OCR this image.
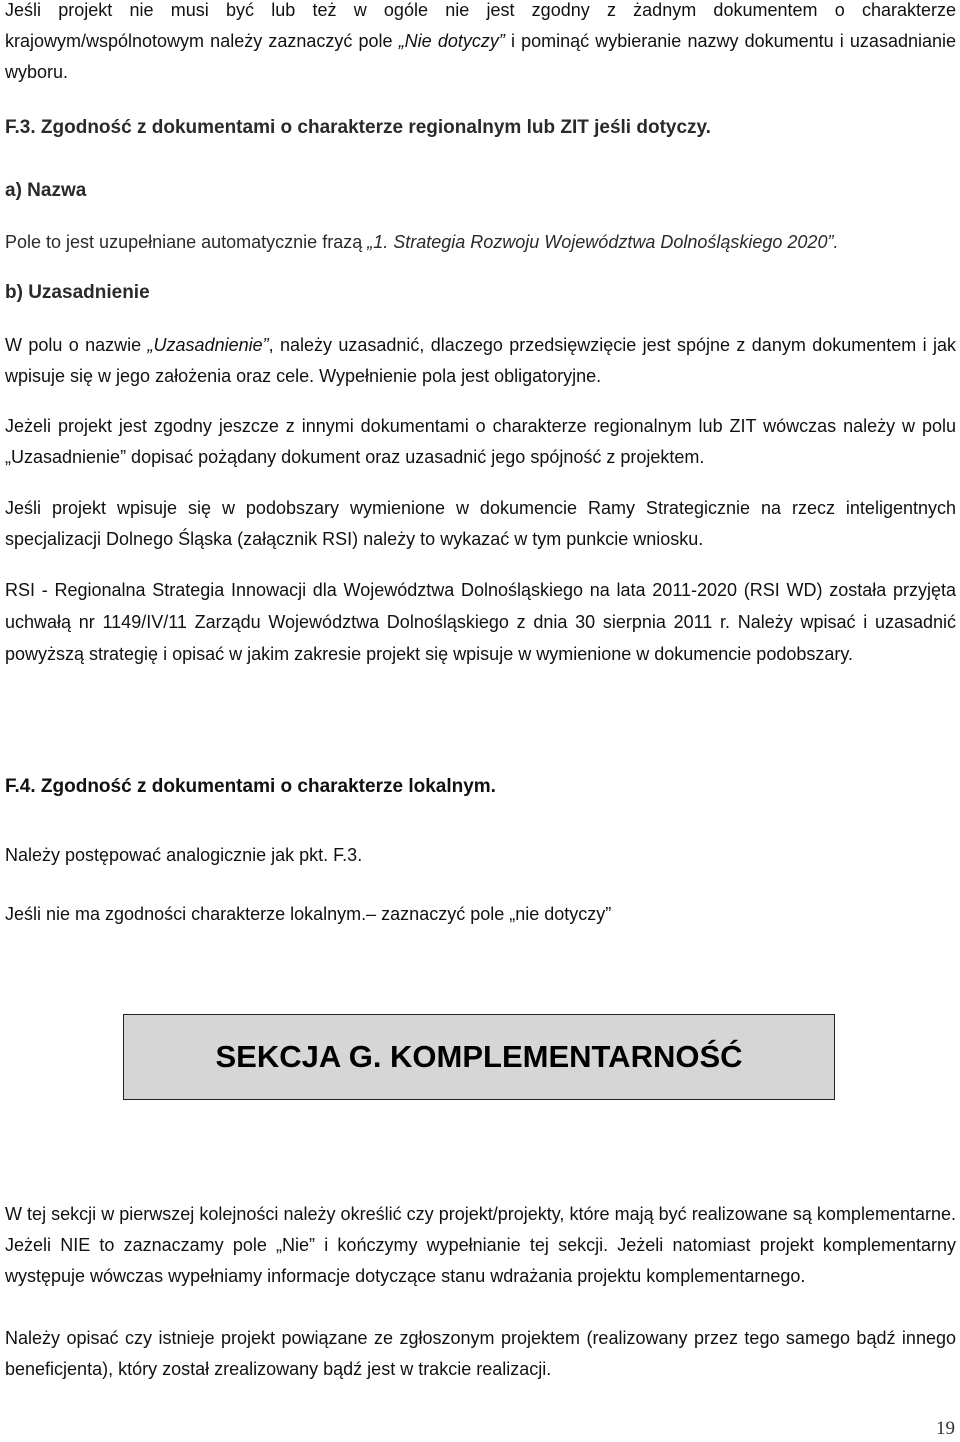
Jeśli projekt nie musi być lub też w ogóle nie jest zgodny z żadnym dokumentem o charakterze krajowym/wspólnotowym należy zaznaczyć pole „Nie dotyczy” i pominąć wybieranie nazwy dokumentu i uzasadnianie wyboru.

F.3. Zgodność z dokumentami o charakterze regionalnym lub ZIT jeśli dotyczy.
a) Nazwa
Pole to jest uzupełniane automatycznie frazą „1. Strategia Rozwoju Województwa Dolnośląskiego 2020”.
b) Uzasadnienie

W polu o nazwie „Uzasadnienie”, należy uzasadnić, dlaczego przedsięwzięcie jest spójne z danym dokumentem i jak wpisuje się w jego założenia oraz cele. Wypełnienie pola jest obligatoryjne.

Jeżeli projekt jest zgodny jeszcze z innymi dokumentami o charakterze regionalnym lub ZIT wówczas należy w polu „Uzasadnienie” dopisać pożądany dokument oraz uzasadnić jego spójność z projektem.

Jeśli projekt wpisuje się w podobszary wymienione w dokumencie Ramy Strategicznie na rzecz inteligentnych specjalizacji Dolnego Śląska (załącznik RSI) należy to wykazać w tym punkcie wniosku.

RSI - Regionalna Strategia Innowacji dla Województwa Dolnośląskiego na lata 2011-2020 (RSI WD) została przyjęta uchwałą nr 1149/IV/11 Zarządu Województwa Dolnośląskiego z dnia 30 sierpnia 2011 r. Należy wpisać i uzasadnić powyższą strategię i opisać w jakim zakresie projekt się wpisuje w wymienione w dokumencie podobszary.

F.4. Zgodność z dokumentami o charakterze lokalnym.
Należy postępować analogicznie jak pkt. F.3.
Jeśli nie ma zgodności charakterze lokalnym.– zaznaczyć pole „nie dotyczy”
SEKCJA G. KOMPLEMENTARNOŚĆ

W tej sekcji w pierwszej kolejności należy określić czy projekt/projekty, które mają być realizowane są komplementarne. Jeżeli NIE to zaznaczamy pole „Nie” i kończymy wypełnianie tej sekcji. Jeżeli natomiast projekt komplementarny występuje wówczas wypełniamy informacje dotyczące stanu wdrażania projektu komplementarnego.

Należy opisać czy istnieje projekt powiązane ze zgłoszonym projektem (realizowany przez tego samego bądź innego beneficjenta), który został zrealizowany bądź jest w trakcie realizacji.

19
